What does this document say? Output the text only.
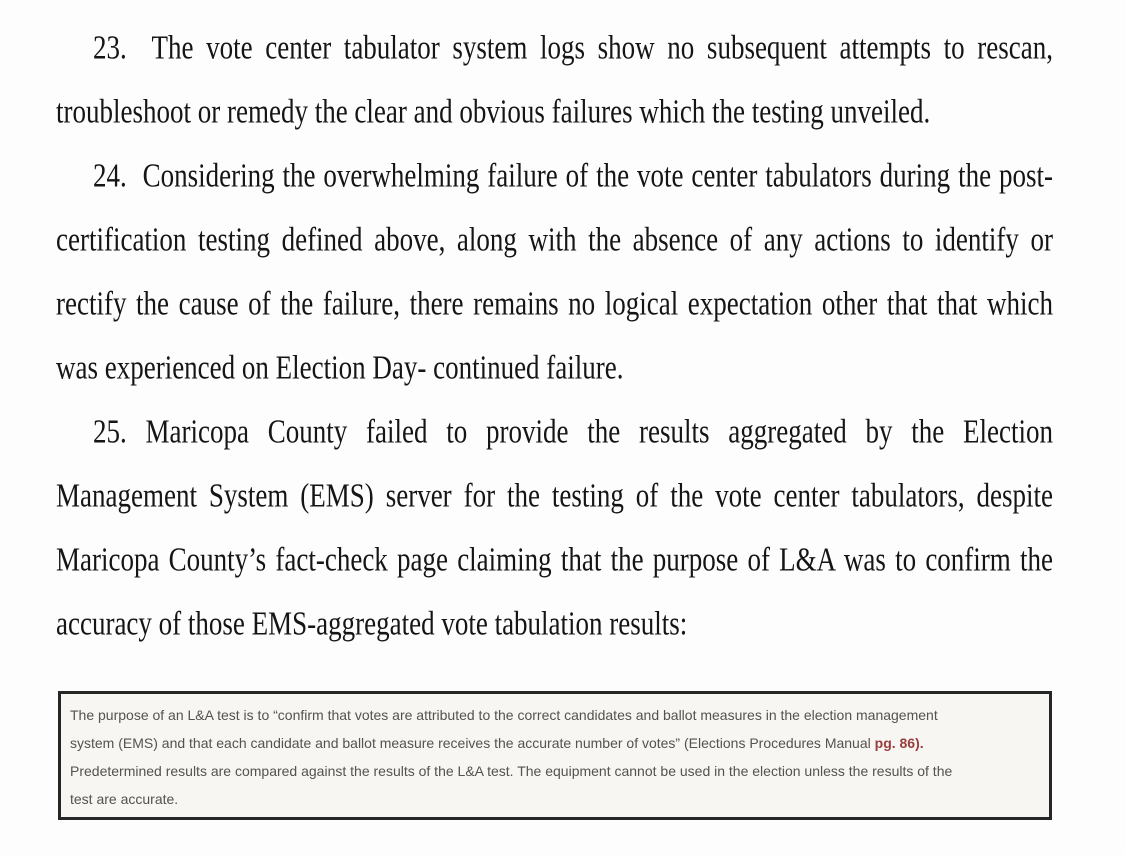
23.  The vote center tabulator system logs show no subsequent attempts to rescan,
troubleshoot or remedy the clear and obvious failures which the testing unveiled.
24.  Considering the overwhelming failure of the vote center tabulators during the post-
certification testing defined above, along with the absence of any actions to identify or
rectify the cause of the failure, there remains no logical expectation other that that which
was experienced on Election Day- continued failure.
25. Maricopa County failed to provide the results aggregated by the Election
Management System (EMS) server for the testing of the vote center tabulators, despite
Maricopa County’s fact-check page claiming that the purpose of L&A was to confirm the
accuracy of those EMS-aggregated vote tabulation results:
The purpose of an L&A test is to “confirm that votes are attributed to the correct candidates and ballot measures in the election management
system (EMS) and that each candidate and ballot measure receives the accurate number of votes” (Elections Procedures Manual pg. 86).
Predetermined results are compared against the results of the L&A test. The equipment cannot be used in the election unless the results of the
test are accurate.
